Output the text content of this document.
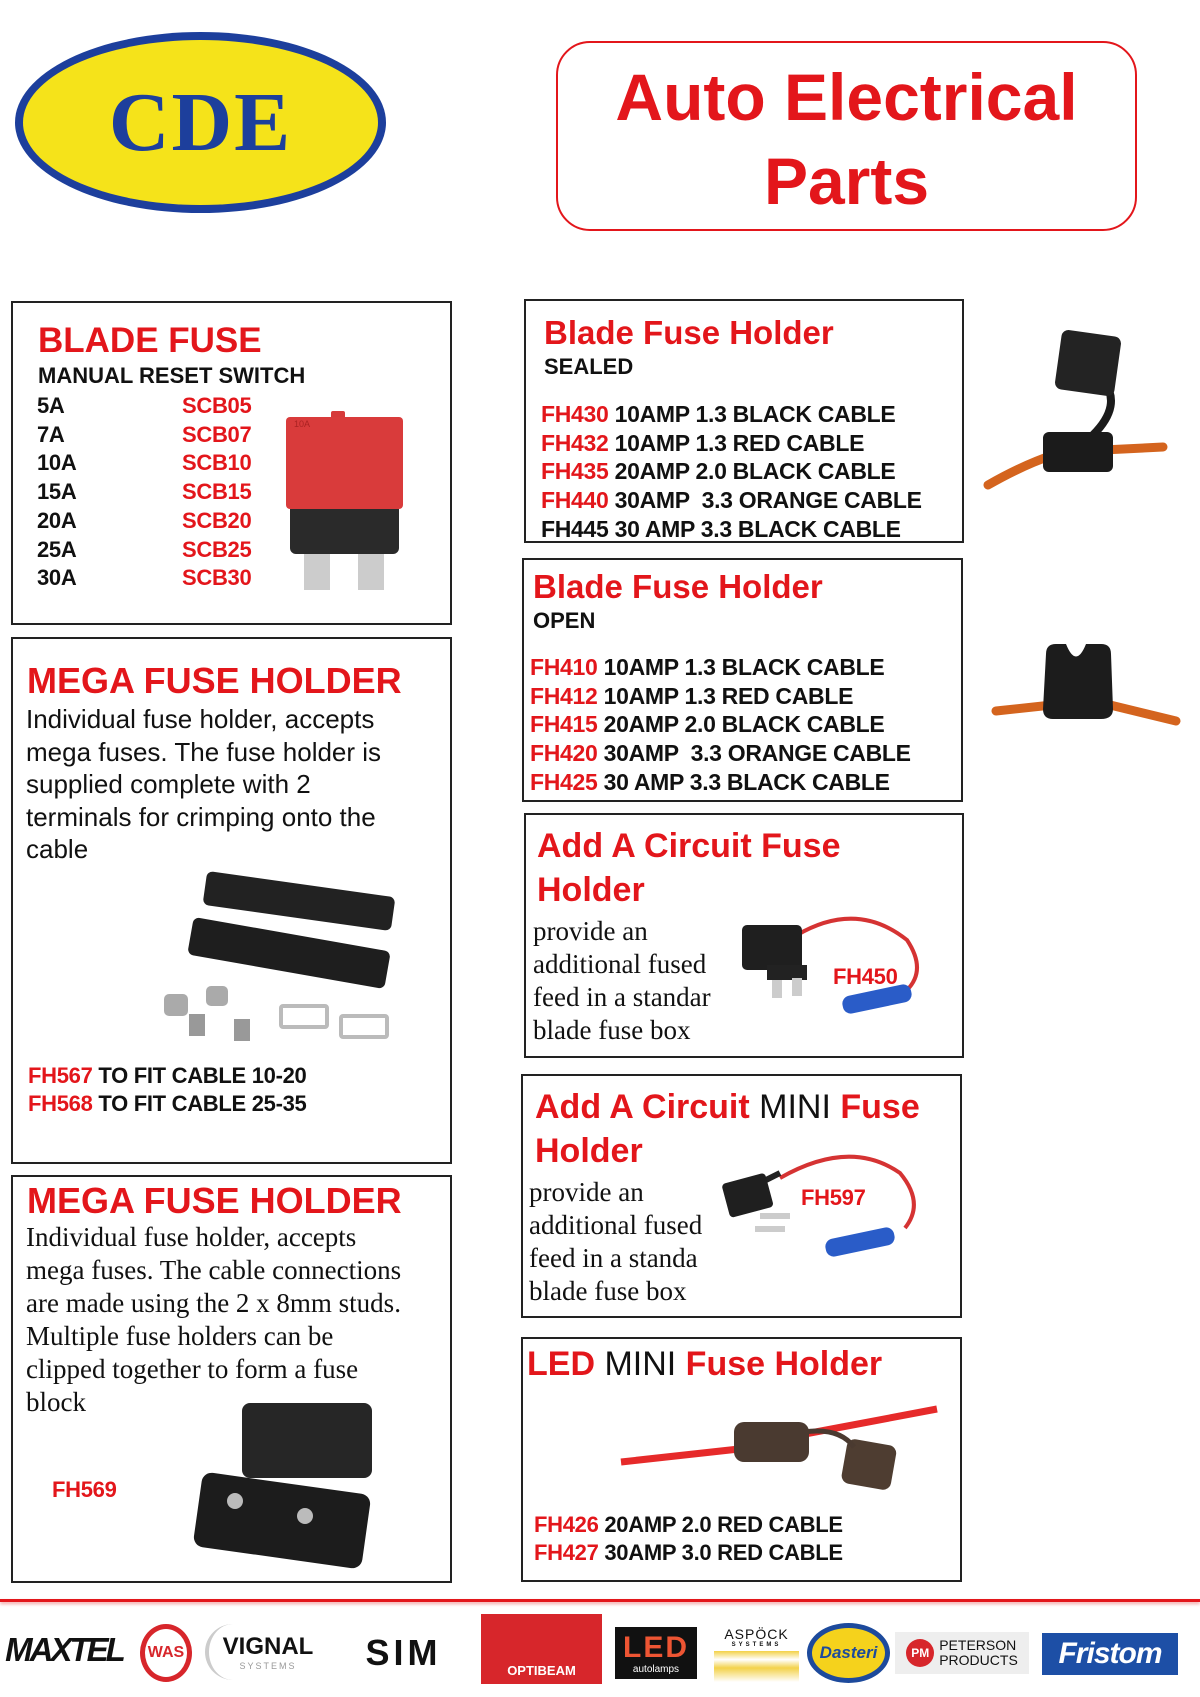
CDE	Auto Electrical
Parts
BLADE FUSE
MANUAL RESET SWITCH
5A	SCB05
7A	SCB07
10A	SCB10
15A	SCB15
20A	SCB20
25A	SCB25
30A	SCB30
10A
MEGA FUSE HOLDER
Individual fuse holder, accepts
mega fuses. The fuse holder is
supplied complete with 2
terminals for crimping onto the
cable
FH567 TO FIT CABLE 10-20
FH568 TO FIT CABLE 25-35
MEGA FUSE HOLDER
Individual fuse holder, accepts
mega fuses. The cable connections
are made using the 2 x 8mm studs.
Multiple fuse holders can be
clipped together to form a fuse
block
FH569
Blade Fuse Holder
SEALED
FH430 10AMP 1.3 BLACK CABLE
FH432 10AMP 1.3 RED CABLE
FH435 20AMP 2.0 BLACK CABLE
FH440 30AMP  3.3 ORANGE CABLE
FH445 30 AMP 3.3 BLACK CABLE
Blade Fuse Holder
OPEN
FH410 10AMP 1.3 BLACK CABLE
FH412 10AMP 1.3 RED CABLE
FH415 20AMP 2.0 BLACK CABLE
FH420 30AMP  3.3 ORANGE CABLE
FH425 30 AMP 3.3 BLACK CABLE
Add A Circuit Fuse
Holder
provide an
additional fused
feed in a standar
blade fuse box
FH450
Add A Circuit MINI Fuse
Holder
provide an
additional fused
feed in a standa
blade fuse box
FH597
LED MINI Fuse Holder
FH426 20AMP 2.0 RED CABLE
FH427 30AMP 3.0 RED CABLE
MAXTEL	WAS	VIGNAL
SYSTEMS	SIM	OPTIBEAM
LED
autolamps
ASPÖCK
SYSTEMS	Dasteri	PM PETERSON
PRODUCTS	Fristom
